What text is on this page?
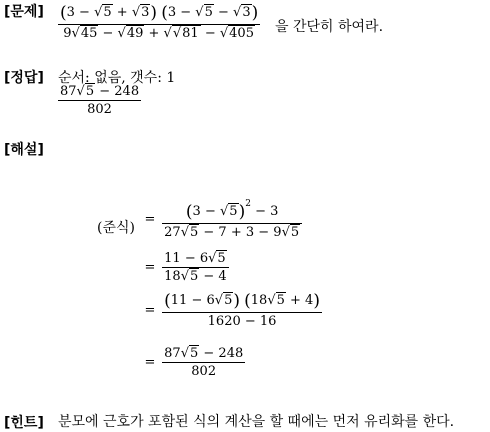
[문제] $\frac{(3 - √5 + √3) (3 - √5 - √3)}{9√45 - √49 + √√81 - √405}$ 을 간단히 하여라.
[정답] 순서: 없음, 갯수: 1
$\frac{87√5 - 248}{802}$
[해설]
(준식)
= $\frac{(3 - √5)^2 - 3}{27√5 - 7 + 3 - 9√5}$
= $\frac{11 - 6√5}{18√5 - 4}$
= $\frac{(11 - 6√5) (18√5 + 4)}{1620 - 16}$
= $\frac{87√5 - 248}{802}$
[힌트] 분모에 근호가 포함된 식의 계산을 할 때에는 먼저 유리화를 한다.
